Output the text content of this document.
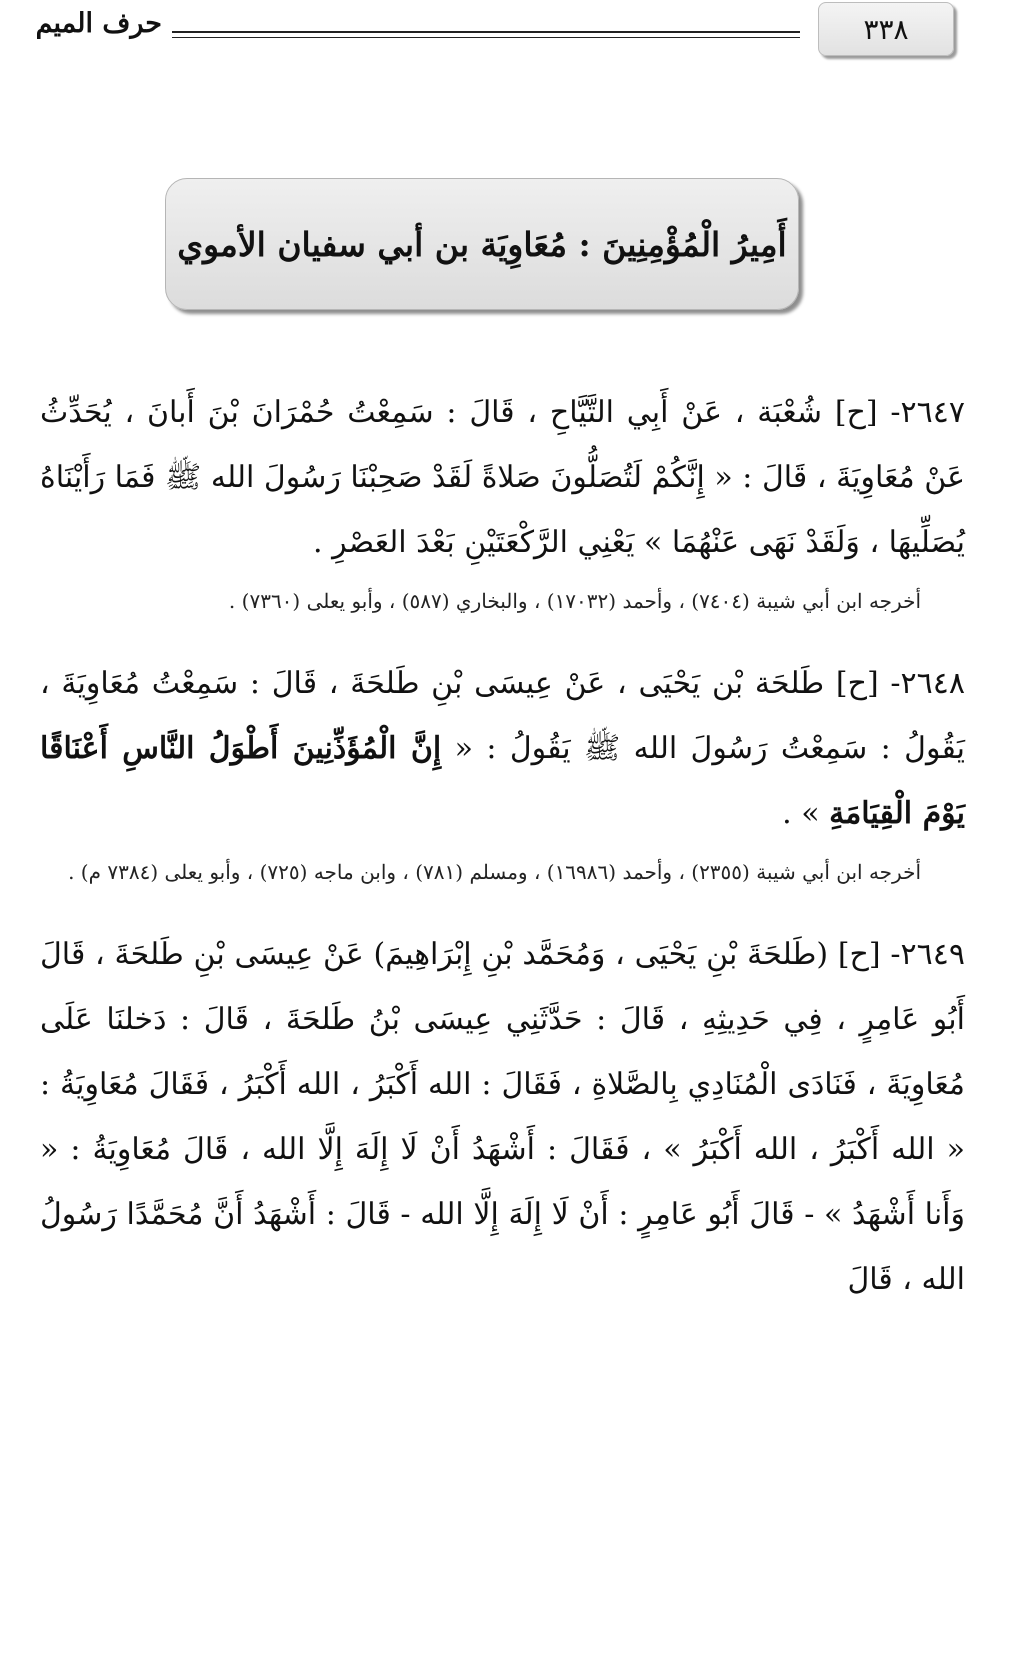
٣٣٨
حرف الميم
أَمِيرُ الْمُؤْمِنِينَ : مُعَاوِيَة بن أبي سفيان الأموي

٢٦٤٧- [ح] شُعْبَة ، عَنْ أَبِي التَّيَّاحِ ، قَالَ : سَمِعْتُ حُمْرَانَ بْنَ أَبانَ ، يُحَدِّثُ عَنْ مُعَاوِيَةَ ، قَالَ : « إِنَّكُمْ لَتُصَلُّونَ صَلاةً لَقَدْ صَحِبْنَا رَسُولَ الله ﷺ فَمَا رَأَيْنَاهُ يُصَلِّيهَا ، وَلَقَدْ نَهَى عَنْهُمَا » يَعْنِي الرَّكْعَتَيْنِ بَعْدَ العَصْرِ .

أخرجه ابن أبي شيبة (٧٤٠٤) ، وأحمد (١٧٠٣٢) ، والبخاري (٥٨٧) ، وأبو يعلى (٧٣٦٠) .

٢٦٤٨- [ح] طَلحَة بْن يَحْيَى ، عَنْ عِيسَى بْنِ طَلحَةَ ، قَالَ : سَمِعْتُ مُعَاوِيَةَ ، يَقُولُ : سَمِعْتُ رَسُولَ الله ﷺ يَقُولُ : « إِنَّ الْمُؤَذِّنِينَ أَطْوَلُ النَّاسِ أَعْنَاقًا يَوْمَ الْقِيَامَةِ » .

أخرجه ابن أبي شيبة (٢٣٥٥) ، وأحمد (١٦٩٨٦) ، ومسلم (٧٨١) ، وابن ماجه (٧٢٥) ، وأبو يعلى (٧٣٨٤ م) .

٢٦٤٩- [ح] (طَلحَةَ بْنِ يَحْيَى ، وَمُحَمَّد بْنِ إِبْرَاهِيمَ) عَنْ عِيسَى بْنِ طَلحَةَ ، قَالَ أَبُو عَامِرٍ ، فِي حَدِيثِهِ ، قَالَ : حَدَّثَنِي عِيسَى بْنُ طَلحَةَ ، قَالَ : دَخلنَا عَلَى مُعَاوِيَةَ ، فَنَادَى الْمُنَادِي بِالصَّلاةِ ، فَقَالَ : الله أَكْبَرُ ، الله أَكْبَرُ ، فَقَالَ مُعَاوِيَةُ : « الله أَكْبَرُ ، الله أَكْبَرُ » ، فَقَالَ : أَشْهَدُ أَنْ لَا إِلَهَ إِلَّا الله ، قَالَ مُعَاوِيَةُ : « وَأَنا أَشْهَدُ » - قَالَ أَبُو عَامِرٍ : أَنْ لَا إِلَهَ إِلَّا الله - قَالَ : أَشْهَدُ أَنَّ مُحَمَّدًا رَسُولُ الله ، قَالَ
